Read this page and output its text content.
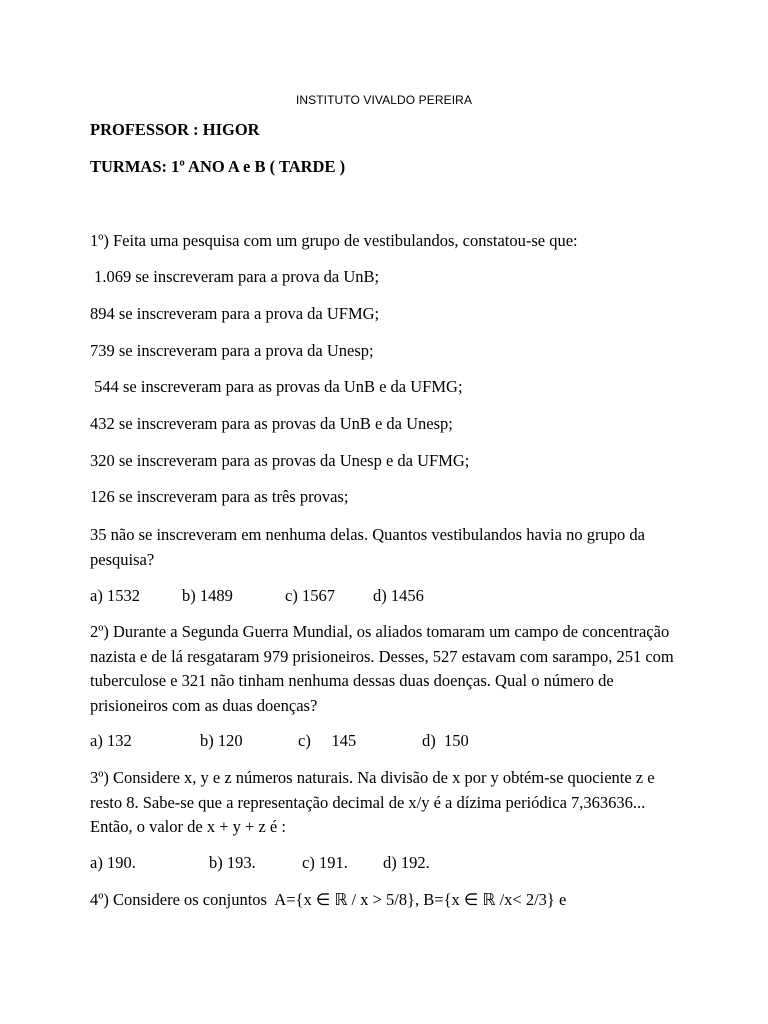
INSTITUTO VIVALDO PEREIRA
PROFESSOR : HIGOR
TURMAS: 1º ANO A e B ( TARDE )
1º) Feita uma pesquisa com um grupo de vestibulandos, constatou-se que:
1.069 se inscreveram para a prova da UnB;
894 se inscreveram para a prova da UFMG;
739 se inscreveram para a prova da Unesp;
544 se inscreveram para as provas da UnB e da UFMG;
432 se inscreveram para as provas da UnB e da Unesp;
320 se inscreveram para as provas da Unesp e da UFMG;
126 se inscreveram para as três provas;
35 não se inscreveram em nenhuma delas. Quantos vestibulandos havia no grupo da pesquisa?

a) 1532

	b) 1489

	c) 1567

d) 1456

2º) Durante a Segunda Guerra Mundial, os aliados tomaram um campo de concentração nazista e de lá resgataram 979 prisioneiros. Desses, 527 estavam com sarampo, 251 com tuberculose e 321 não tinham nenhuma dessas duas doenças. Qual o número de prisioneiros com as duas doenças?

a) 132

	b) 120

	c)     145

	d)  150

3º) Considere x, y e z números naturais. Na divisão de x por y obtém-se quociente z e resto 8. Sabe-se que a representação decimal de x/y é a dízima periódica 7,363636... Então, o valor de x + y + z é :

a) 190.

	b) 193.

	c) 191.

d) 192.

4º) Considere os conjuntos  A={x ∈ ℝ / x > 5/8}, B={x ∈ ℝ /x< 2/3} e
